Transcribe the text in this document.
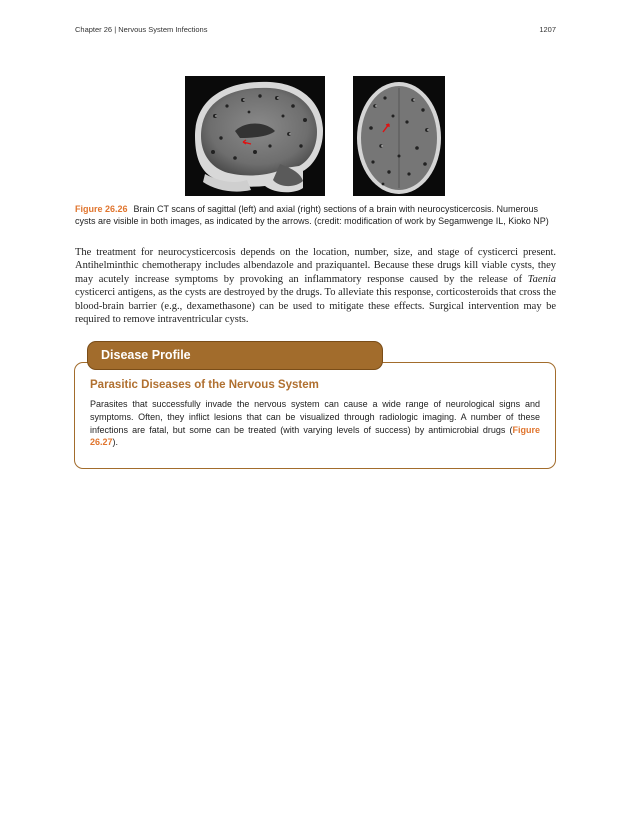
Chapter 26 | Nervous System Infections	1207
Figure 26.26 Brain CT scans of sagittal (left) and axial (right) sections of a brain with neurocysticercosis. Numerous cysts are visible in both images, as indicated by the arrows. (credit: modification of work by Segamwenge IL, Kioko NP)
The treatment for neurocysticercosis depends on the location, number, size, and stage of cysticerci present. Antihelminthic chemotherapy includes albendazole and praziquantel. Because these drugs kill viable cysts, they may acutely increase symptoms by provoking an inflammatory response caused by the release of Taenia cysticerci antigens, as the cysts are destroyed by the drugs. To alleviate this response, corticosteroids that cross the blood-brain barrier (e.g., dexamethasone) can be used to mitigate these effects. Surgical intervention may be required to remove intraventricular cysts.
Disease Profile
Parasitic Diseases of the Nervous System
Parasites that successfully invade the nervous system can cause a wide range of neurological signs and symptoms. Often, they inflict lesions that can be visualized through radiologic imaging. A number of these infections are fatal, but some can be treated (with varying levels of success) by antimicrobial drugs (Figure 26.27).
